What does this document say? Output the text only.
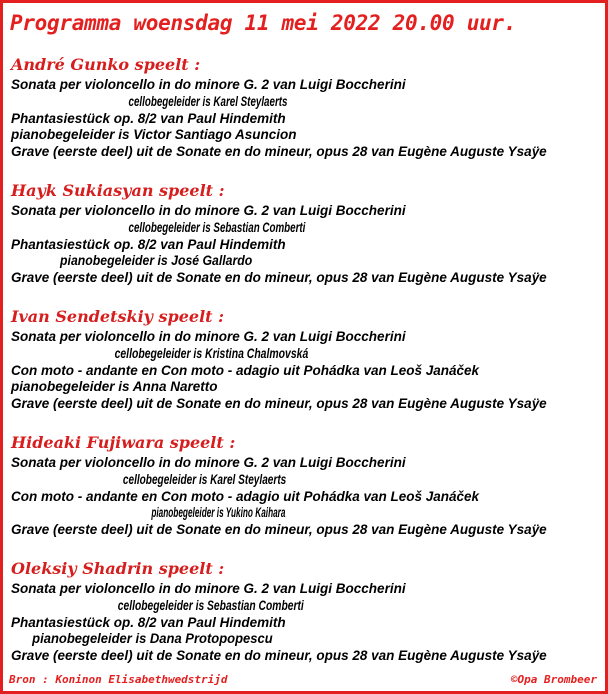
Programma woensdag 11 mei 2022 20.00 uur.
André Gunko speelt :
Sonata per violoncello in do minore G. 2 van Luigi Boccherini
cellobegeleider is Karel Steylaerts
Phantasiestück op. 8/2 van Paul Hindemith
pianobegeleider is Victor Santiago Asuncion
Grave (eerste deel) uit de Sonate en do mineur, opus 28 van Eugène Auguste Ysaÿe
Hayk Sukiasyan speelt :
Sonata per violoncello in do minore G. 2 van Luigi Boccherini
cellobegeleider is Sebastian Comberti
Phantasiestück op. 8/2 van Paul Hindemith
pianobegeleider is José Gallardo
Grave (eerste deel) uit de Sonate en do mineur, opus 28 van Eugène Auguste Ysaÿe
Ivan Sendetskiy speelt :
Sonata per violoncello in do minore G. 2 van Luigi Boccherini
cellobegeleider is Kristina Chalmovská
Con moto - andante en Con moto - adagio uit Pohádka van Leoš Janáček
pianobegeleider is Anna Naretto
Grave (eerste deel) uit de Sonate en do mineur, opus 28 van Eugène Auguste Ysaÿe
Hideaki Fujiwara speelt :
Sonata per violoncello in do minore G. 2 van Luigi Boccherini
cellobegeleider is Karel Steylaerts
Con moto - andante en Con moto - adagio uit Pohádka van Leoš Janáček
pianobegeleider is Yukino Kaihara
Grave (eerste deel) uit de Sonate en do mineur, opus 28 van Eugène Auguste Ysaÿe
Oleksiy Shadrin speelt :
Sonata per violoncello in do minore G. 2 van Luigi Boccherini
cellobegeleider is Sebastian Comberti
Phantasiestück op. 8/2 van Paul Hindemith
pianobegeleider is Dana Protopopescu
Grave (eerste deel) uit de Sonate en do mineur, opus 28 van Eugène Auguste Ysaÿe
Bron : Koninon Elisabethwedstrijd	©Opa Brombeer
